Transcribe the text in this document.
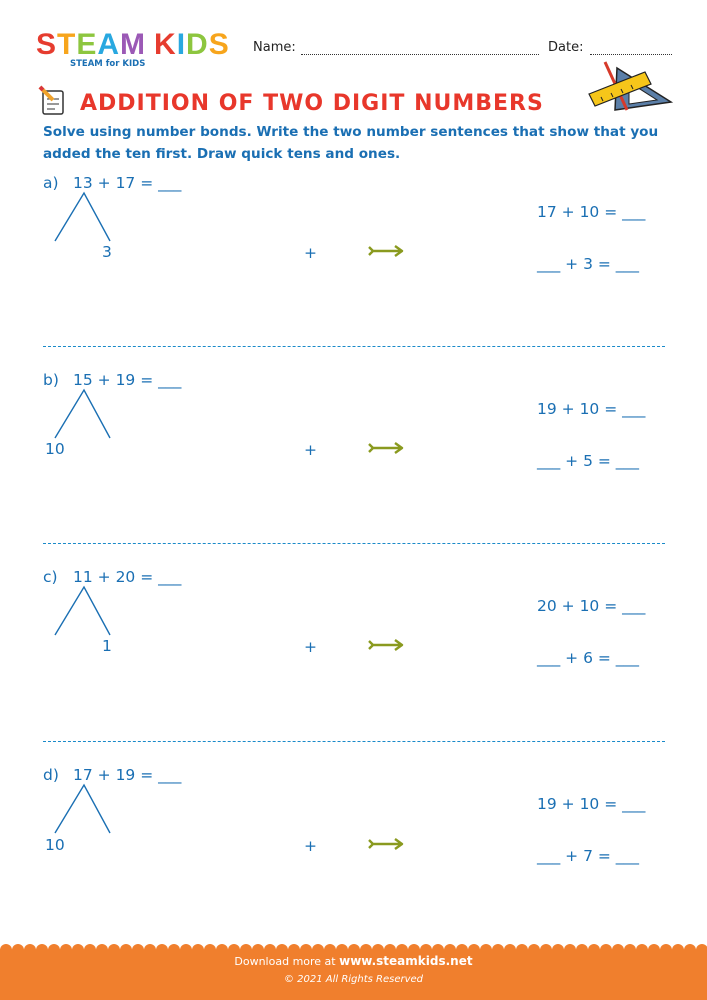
STEAM KIDS
STEAM for KIDS
Name:	Date:
ADDITION OF TWO DIGIT NUMBERS
Solve using number bonds. Write the two number sentences that show that you added the ten first. Draw quick tens and ones.
a) 13 + 17 = ___
3	+
17 + 10 = ___
___ + 3 = ___
b) 15 + 19 = ___
10	+
19 + 10 = ___
___ + 5 = ___
c) 11 + 20 = ___
1	+
20 + 10 = ___
___ + 6 = ___
d) 17 + 19 = ___
10	+
19 + 10 = ___
___ + 7 = ___
Download more at www.steamkids.net
© 2021 All Rights Reserved
